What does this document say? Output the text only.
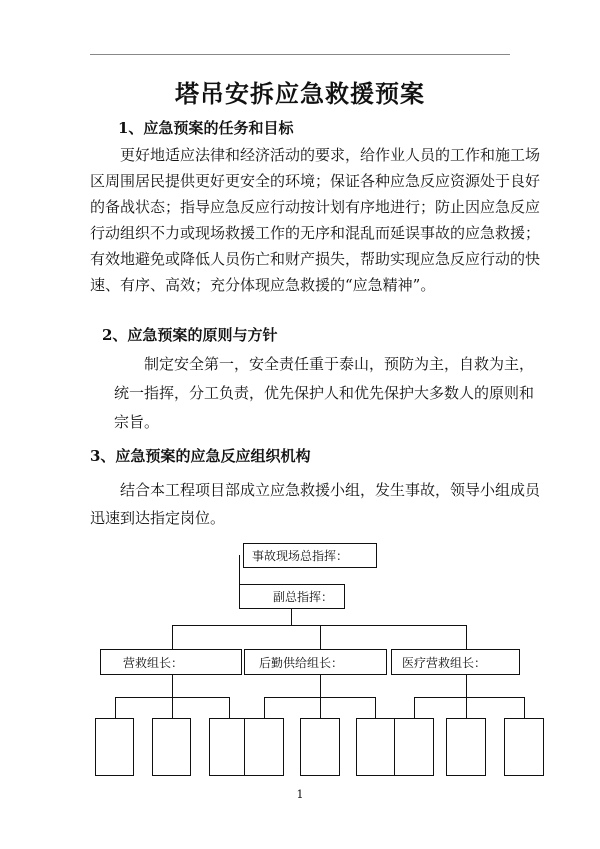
塔吊安拆应急救援预案
1、应急预案的任务和目标
更好地适应法律和经济活动的要求，给作业人员的工作和施工场
区周围居民提供更好更安全的环境；保证各种应急反应资源处于良好
的备战状态；指导应急反应行动按计划有序地进行；防止因应急反应
行动组织不力或现场救援工作的无序和混乱而延误事故的应急救援；
有效地避免或降低人员伤亡和财产损失，帮助实现应急反应行动的快
速、有序、高效；充分体现应急救援的“应急精神”。
2、应急预案的原则与方针
制定安全第一，安全责任重于泰山，预防为主，自救为主，
统一指挥，分工负责，优先保护人和优先保护大多数人的原则和
宗旨。
3、应急预案的应急反应组织机构
结合本工程项目部成立应急救援小组，发生事故，领导小组成员
迅速到达指定岗位。
事故现场总指挥：
副总指挥：
营救组长：	后勤供给组长：	医疗营救组长：
1
